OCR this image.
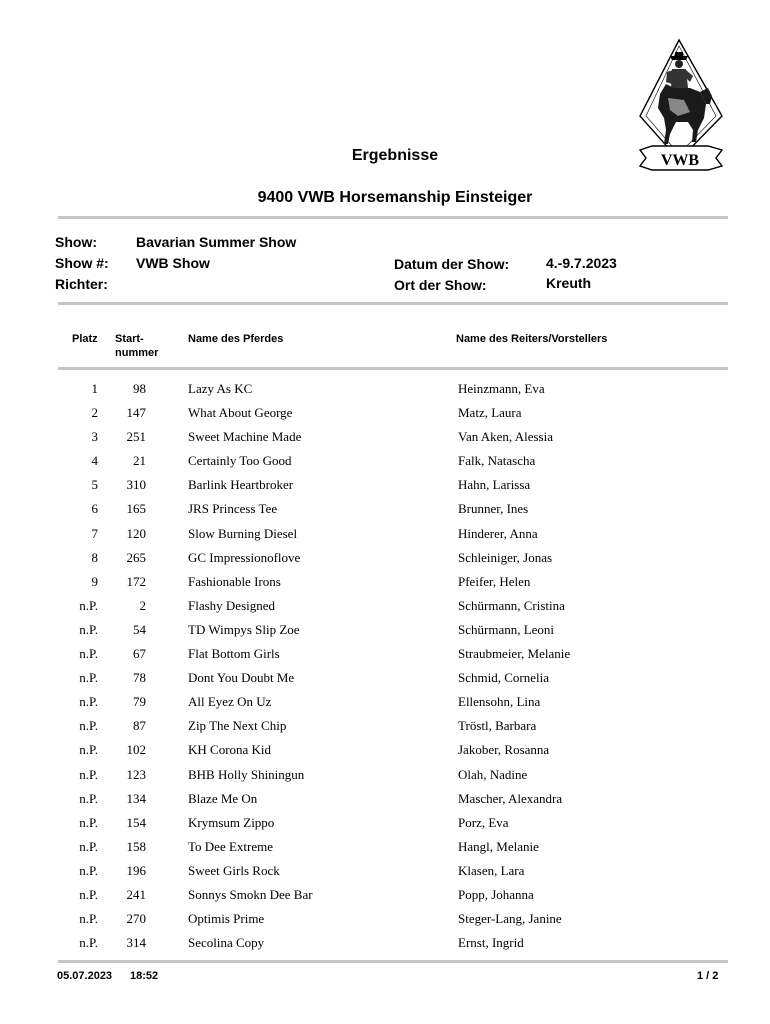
VWB
Ergebnisse
9400 VWB Horsemanship Einsteiger
Show:	Bavarian Summer Show
Show #: VWB Show
Richter:
Datum der Show:	4.-9.7.2023
Ort der Show:	Kreuth
Platz Start-
nummer
Name des Pferdes	Name des Reiters/Vorstellers
1	98	Lazy As KC	Heinzmann, Eva
2 147	What About George	Matz, Laura
3 251	Sweet Machine Made	Van Aken, Alessia
4	21	Certainly Too Good	Falk, Natascha
5 310	Barlink Heartbroker	Hahn, Larissa
6 165	JRS Princess Tee	Brunner, Ines
7 120	Slow Burning Diesel	Hinderer, Anna
8 265	GC Impressionoflove	Schleiniger, Jonas
9 172	Fashionable Irons	Pfeifer, Helen
n.P.	2	Flashy Designed	Schürmann, Cristina
n.P.	54	TD Wimpys Slip Zoe	Schürmann, Leoni
n.P.	67	Flat Bottom Girls	Straubmeier, Melanie
n.P.	78	Dont You Doubt Me	Schmid, Cornelia
n.P.	79	All Eyez On Uz	Ellensohn, Lina
n.P.	87	Zip The Next Chip	Tröstl, Barbara
n.P. 102	KH Corona Kid	Jakober, Rosanna
n.P. 123	BHB Holly Shiningun	Olah, Nadine
n.P. 134	Blaze Me On	Mascher, Alexandra
n.P. 154	Krymsum Zippo	Porz, Eva
n.P. 158	To Dee Extreme	Hangl, Melanie
n.P. 196	Sweet Girls Rock	Klasen, Lara
n.P. 241	Sonnys Smokn Dee Bar	Popp, Johanna
n.P. 270	Optimis Prime	Steger-Lang, Janine
n.P. 314	Secolina Copy	Ernst, Ingrid
05.07.2023 18:52	1 / 2
